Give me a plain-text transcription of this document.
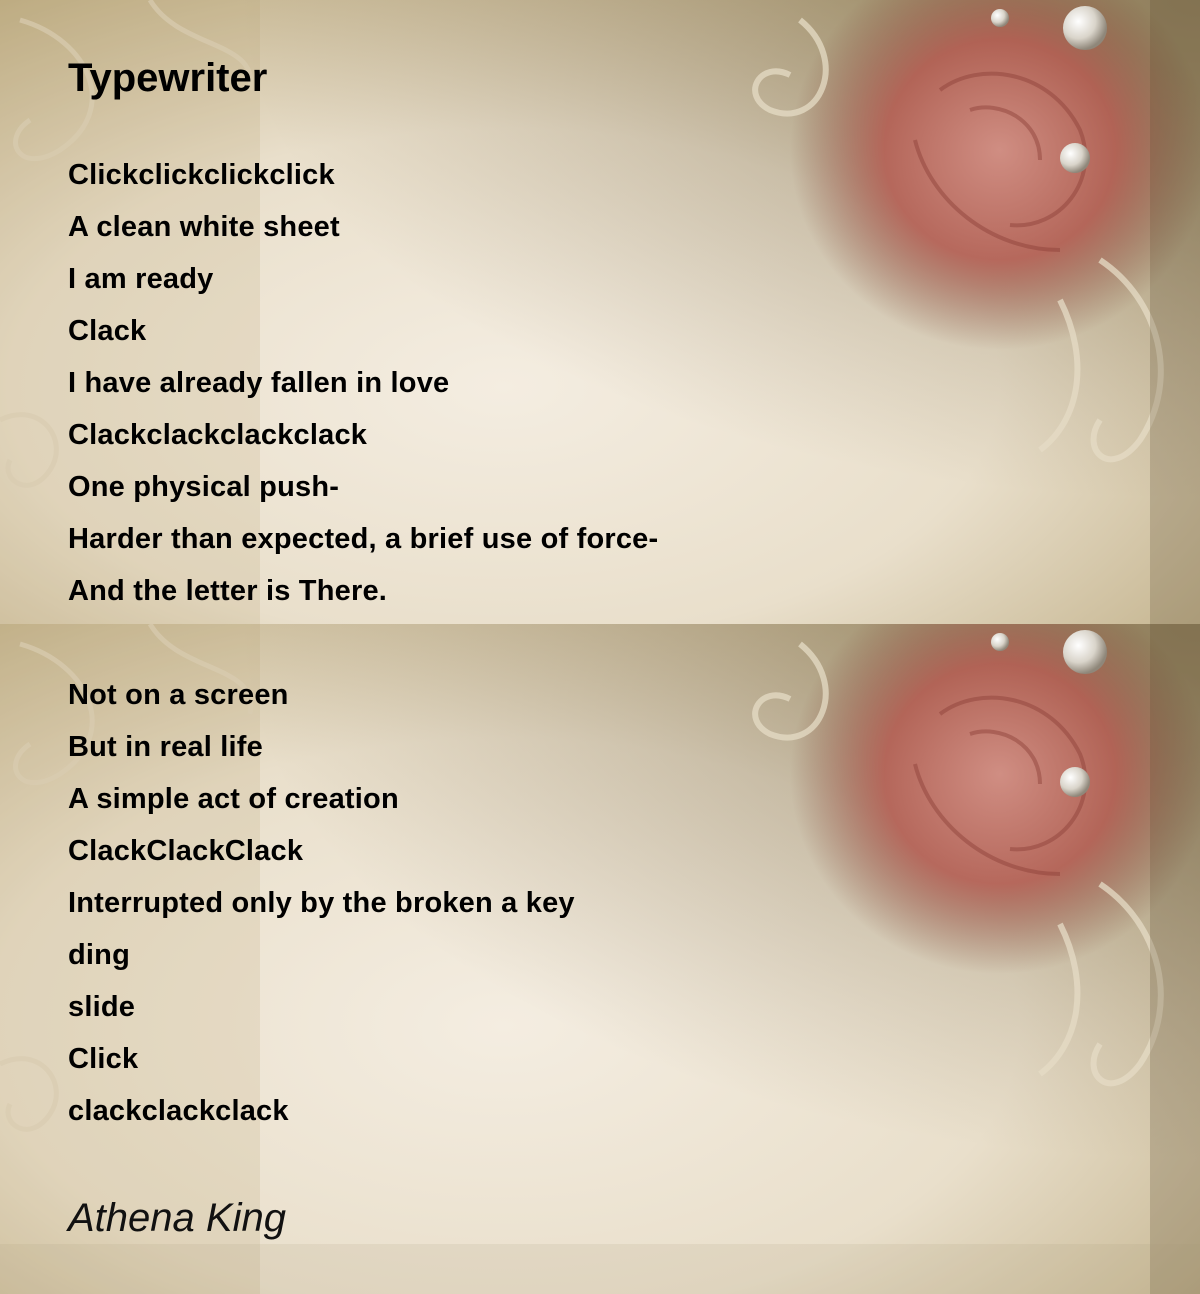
Typewriter
Clickclickclickclick
A clean white sheet
I am ready
Clack
I have already fallen in love
Clackclackclackclack
One physical push-
Harder than expected, a brief use of force-
And the letter is There.
Not on a screen
But in real life
A simple act of creation
ClackClackClack
Interrupted only by the broken a key
ding
slide
Click
clackclackclack

Athena King
